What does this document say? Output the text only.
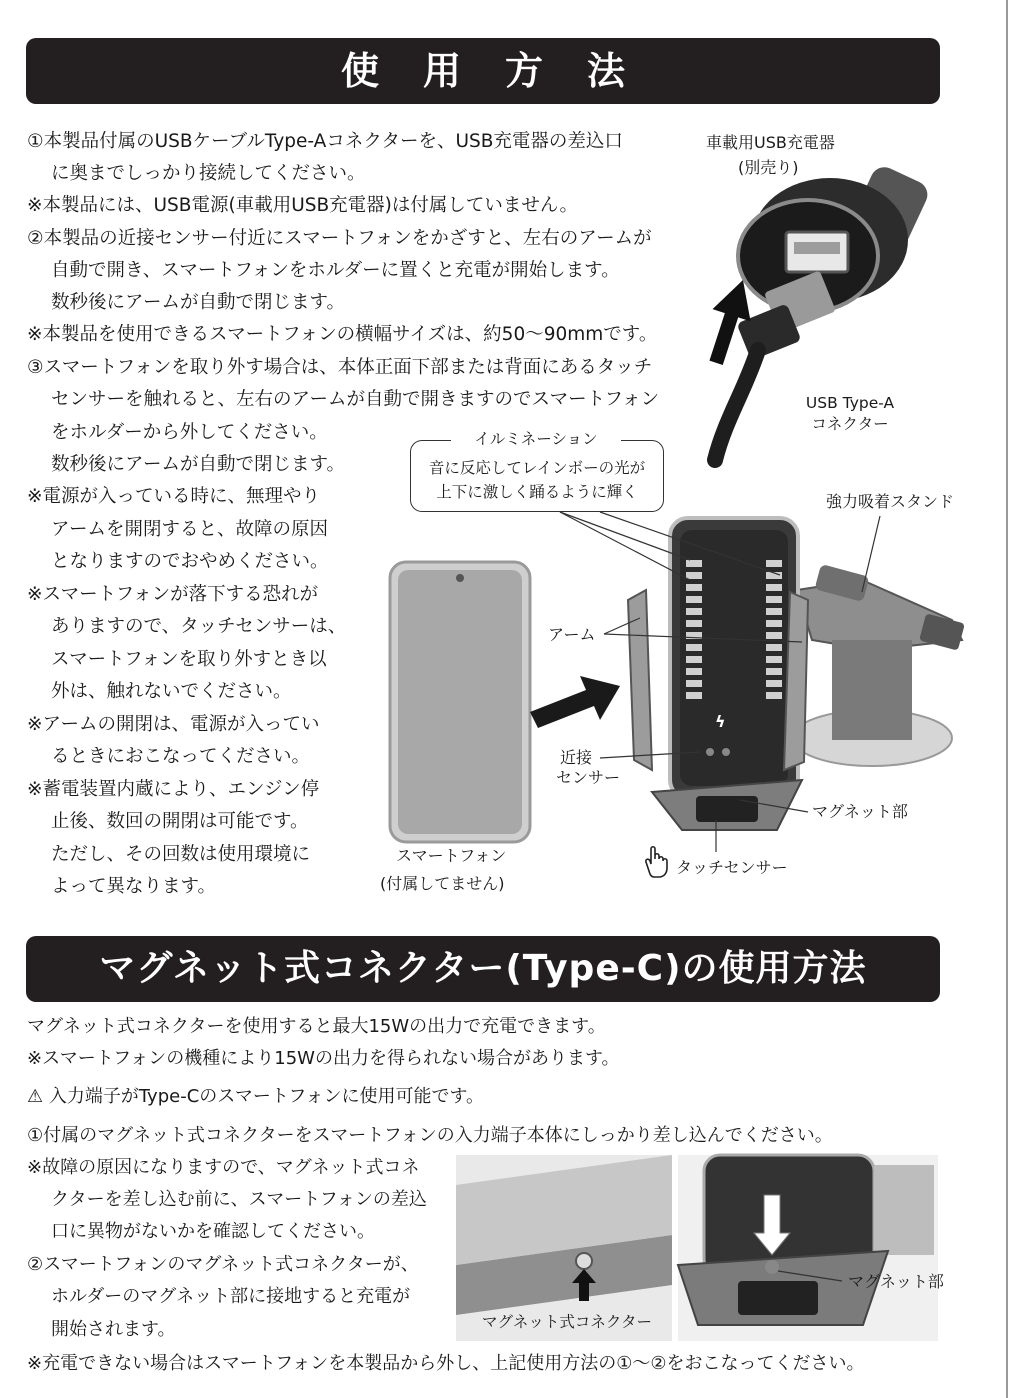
使用方法
①本製品付属のUSBケーブルType-Aコネクターを、USB充電器の差込口
に奥までしっかり接続してください。
※本製品には、USB電源(車載用USB充電器)は付属していません。
②本製品の近接センサー付近にスマートフォンをかざすと、左右のアームが
自動で開き、スマートフォンをホルダーに置くと充電が開始します。
数秒後にアームが自動で閉じます。
※本製品を使用できるスマートフォンの横幅サイズは、約50〜90mmです。
③スマートフォンを取り外す場合は、本体正面下部または背面にあるタッチ
センサーを触れると、左右のアームが自動で開きますのでスマートフォン
をホルダーから外してください。
数秒後にアームが自動で閉じます。
※電源が入っている時に、無理やり
アームを開閉すると、故障の原因
となりますのでおやめください。
※スマートフォンが落下する恐れが
ありますので、タッチセンサーは、
スマートフォンを取り外すとき以
外は、触れないでください。
※アームの開閉は、電源が入ってい
るときにおこなってください。
※蓄電装置内蔵により、エンジン停
止後、数回の開閉は可能です。
ただし、その回数は使用環境に
よって異なります。
車載用USB充電器
(別売り)
USB Type-A
コネクター
イルミネーション
音に反応してレインボーの光が
上下に激しく踊るように輝く
スマートフォン
(付属してません)
ϟ
強力吸着スタンド
アーム
近接
センサー
マグネット部
タッチセンサー
マグネット式コネクター(Type-C)の使用方法
マグネット式コネクターを使用すると最大15Wの出力で充電できます。
※スマートフォンの機種により15Wの出力を得られない場合があります。
⚠ 入力端子がType-Cのスマートフォンに使用可能です。
①付属のマグネット式コネクターをスマートフォンの入力端子本体にしっかり差し込んでください。
※故障の原因になりますので、マグネット式コネ
クターを差し込む前に、スマートフォンの差込
口に異物がないかを確認してください。
②スマートフォンのマグネット式コネクターが、
ホルダーのマグネット部に接地すると充電が
開始されます。
※充電できない場合はスマートフォンを本製品から外し、上記使用方法の①〜②をおこなってください。
マグネット式コネクター
マグネット部
